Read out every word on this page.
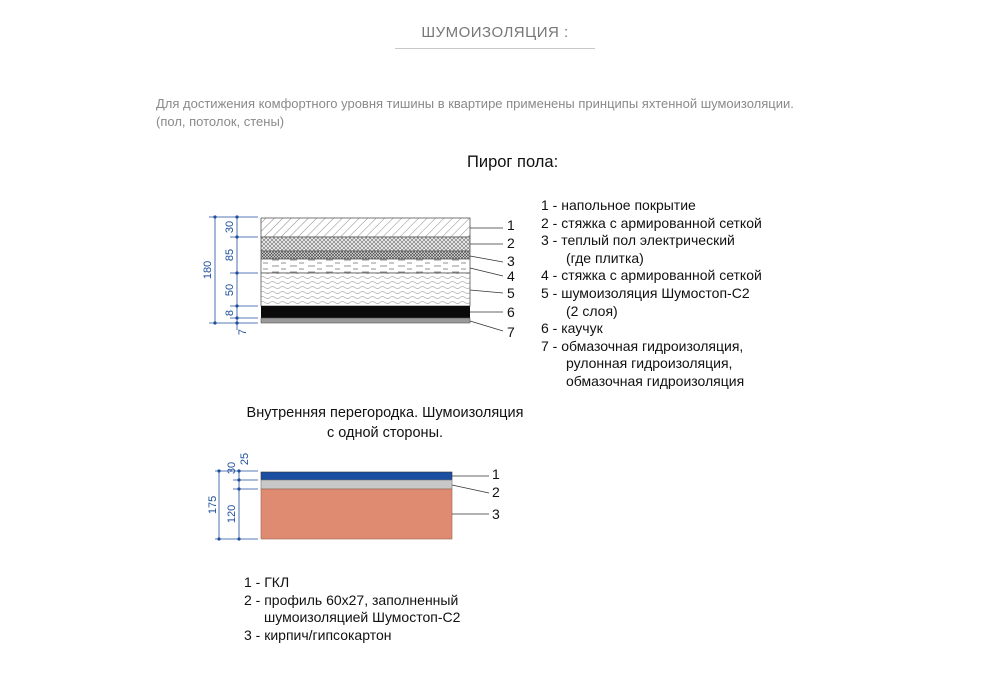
ШУМОИЗОЛЯЦИЯ :
Для достижения комфортного уровня тишины в квартире применены принципы яхтенной шумоизоляции.
(пол, потолок, стены)
Пирог пола:
1 - напольное покрытие
2 - стяжка с армированной сеткой
3 - теплый пол электрический
(где плитка)
4 - стяжка с армированной сеткой
5 - шумоизоляция Шумостоп-С2
(2 слоя)
6 - каучук
7 - обмазочная гидроизоляция,
рулонная гидроизоляция,
обмазочная гидроизоляция
Внутренняя перегородка. Шумоизоляция
с одной стороны.
1 - ГКЛ
2 - профиль 60х27, заполненный
шумоизоляцией Шумостоп-С2
3 - кирпич/гипсокартон
1
2
3
4
5
6
7
180
30
85
50
8
7
1
2
3
175
30
25
120
